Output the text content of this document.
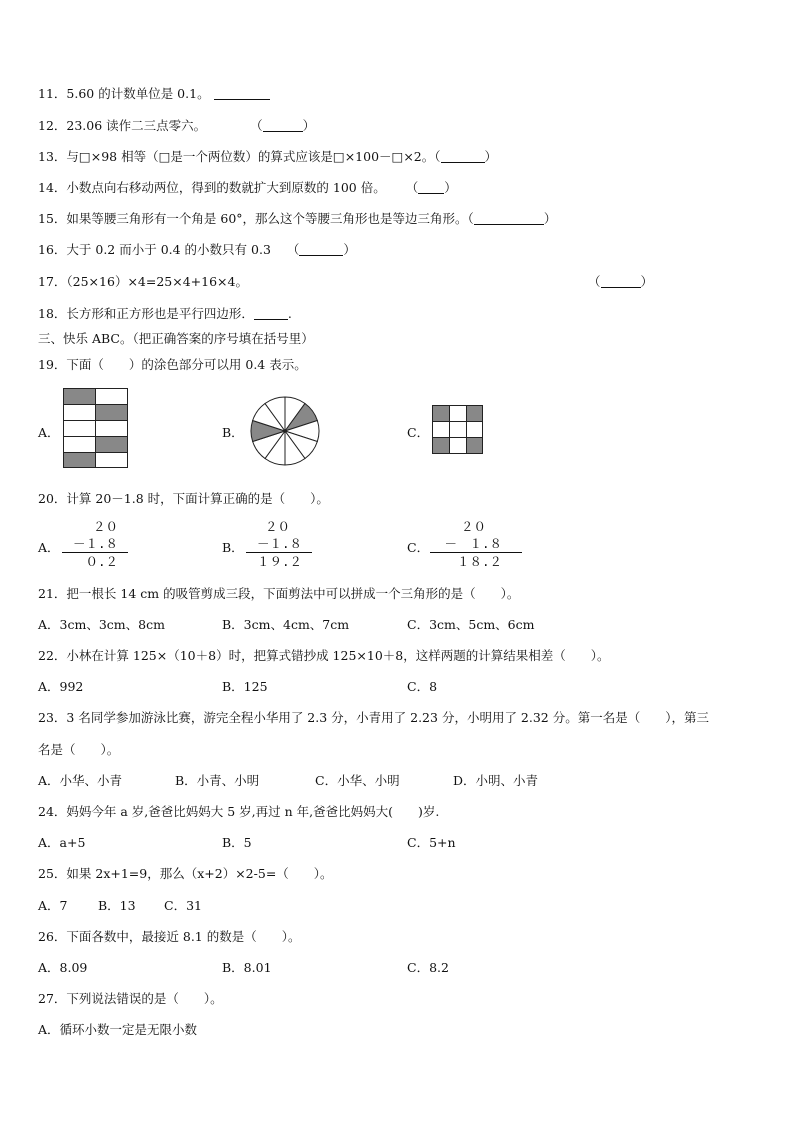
11．5.60 的计数单位是 0.1。
12．23.06 读作二三点零六。	（	）
13．与□×98 相等（□是一个两位数）的算式应该是□×100－□×2。（	）
14．小数点向右移动两位，得到的数就扩大到原数的 100 倍。 （ ）
15．如果等腰三角形有一个角是 60°，那么这个等腰三角形也是等边三角形。（	）
16．大于 0.2 而小于 0.4 的小数只有 0.3 （	）
17．（25×16）×4=25×4+16×4。	（	）
18．长方形和正方形也是平行四边形．	.
三、快乐 ABC。（把正确答案的序号填在括号里）
19．下面（　　）的涂色部分可以用 0.4 表示。
A．	B．	C．
20．计算 20－1.8 时，下面计算正确的是（　　）。
A．	B．	C．
２０
－１.８
０.２
２０
－１.８
１９.２
２０
－　１.８
１８.２
21．把一根长 14 cm 的吸管剪成三段，下面剪法中可以拼成一个三角形的是（　　）。
A．3cm、3cm、8cm	B．3cm、4cm、7cm	C．3cm、5cm、6cm
22．小林在计算 125×（10＋8）时，把算式错抄成 125×10＋8，这样两题的计算结果相差（　　）。
A．992	B．125	C．8
23．3 名同学参加游泳比赛，游完全程小华用了 2.3 分，小青用了 2.23 分，小明用了 2.32 分。第一名是（　　），第三
名是（　　）。
A．小华、小青	B．小青、小明	C．小华、小明	D．小明、小青
24．妈妈今年 a 岁,爸爸比妈妈大 5 岁,再过 n 年,爸爸比妈妈大(　　)岁.
A．a+5	B．5	C．5+n
25．如果 2x+1=9，那么（x+2）×2-5=（　　）。
A．7 B．13 C．31
26．下面各数中，最接近 8.1 的数是（　　）。
A．8.09	B．8.01	C．8.2
27．下列说法错误的是（　　）。
A．循环小数一定是无限小数
